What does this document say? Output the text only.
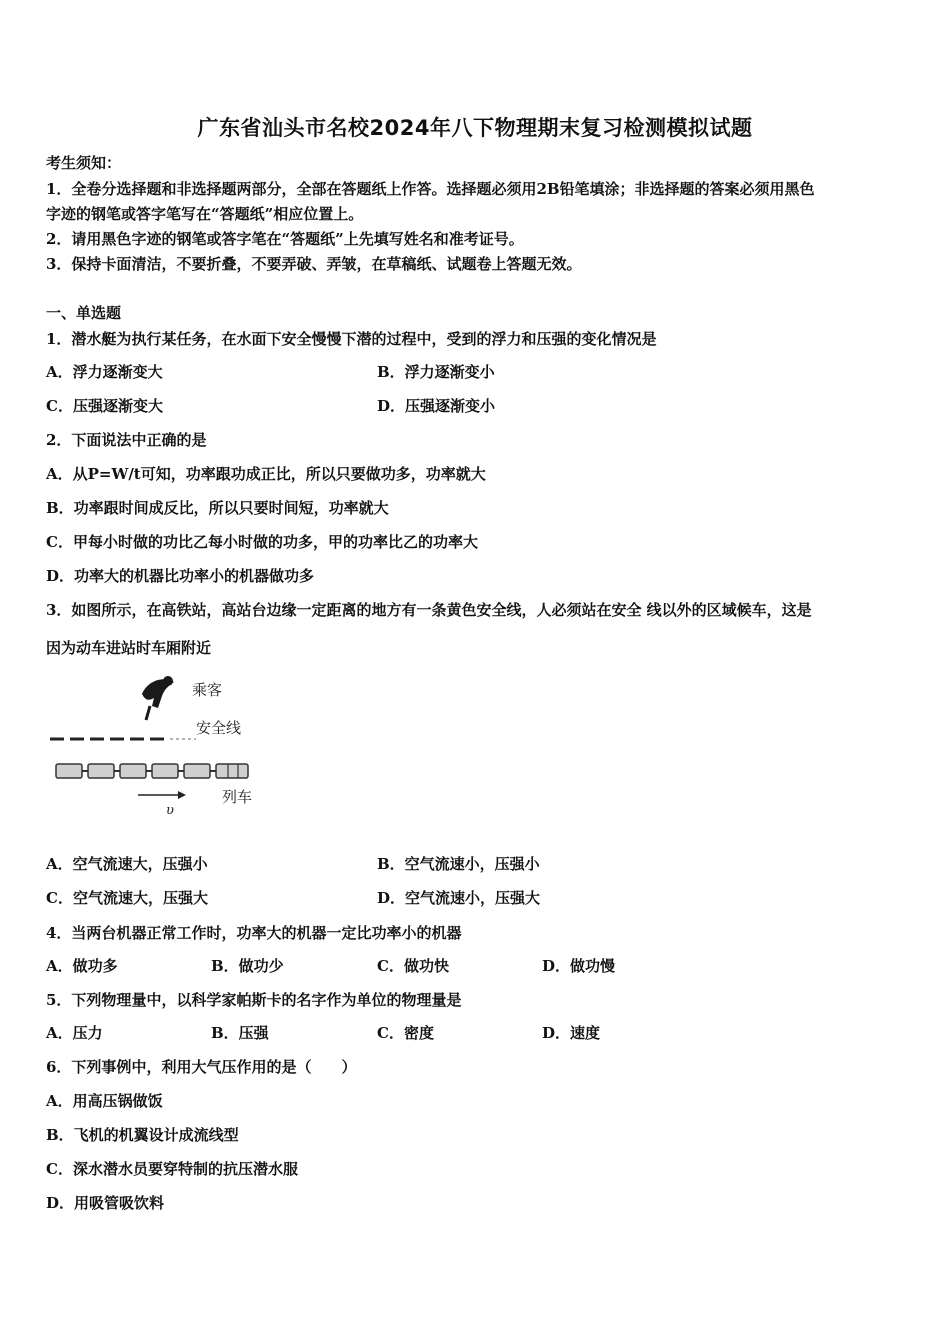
广东省汕头市名校2024年八下物理期末复习检测模拟试题
考生须知：
1．全卷分选择题和非选择题两部分，全部在答题纸上作答。选择题必须用2B铅笔填涂；非选择题的答案必须用黑色
字迹的钢笔或答字笔写在“答题纸”相应位置上。
2．请用黑色字迹的钢笔或答字笔在“答题纸”上先填写姓名和准考证号。
3．保持卡面清洁，不要折叠，不要弄破、弄皱，在草稿纸、试题卷上答题无效。
一、单选题
1．潜水艇为执行某任务，在水面下安全慢慢下潜的过程中，受到的浮力和压强的变化情况是
A．浮力逐渐变大	B．浮力逐渐变小
C．压强逐渐变大	D．压强逐渐变小
2．下面说法中正确的是
A．从P=W/t可知，功率跟功成正比，所以只要做功多，功率就大
B．功率跟时间成反比，所以只要时间短，功率就大
C．甲每小时做的功比乙每小时做的功多，甲的功率比乙的功率大
D．功率大的机器比功率小的机器做功多
3．如图所示，在高铁站，高站台边缘一定距离的地方有一条黄色安全线，人必须站在安全 线以外的区域候车，这是
因为动车进站时车厢附近
乘客
安全线
υ
列车
A．空气流速大，压强小	B．空气流速小，压强小
C．空气流速大，压强大	D．空气流速小，压强大
4．当两台机器正常工作时，功率大的机器一定比功率小的机器
A．做功多	B．做功少	C．做功快	D．做功慢
5．下列物理量中，以科学家帕斯卡的名字作为单位的物理量是
A．压力	B．压强	C．密度	D．速度
6．下列事例中，利用大气压作用的是（　　）
A．用高压锅做饭
B．飞机的机翼设计成流线型
C．深水潜水员要穿特制的抗压潜水服
D．用吸管吸饮料
